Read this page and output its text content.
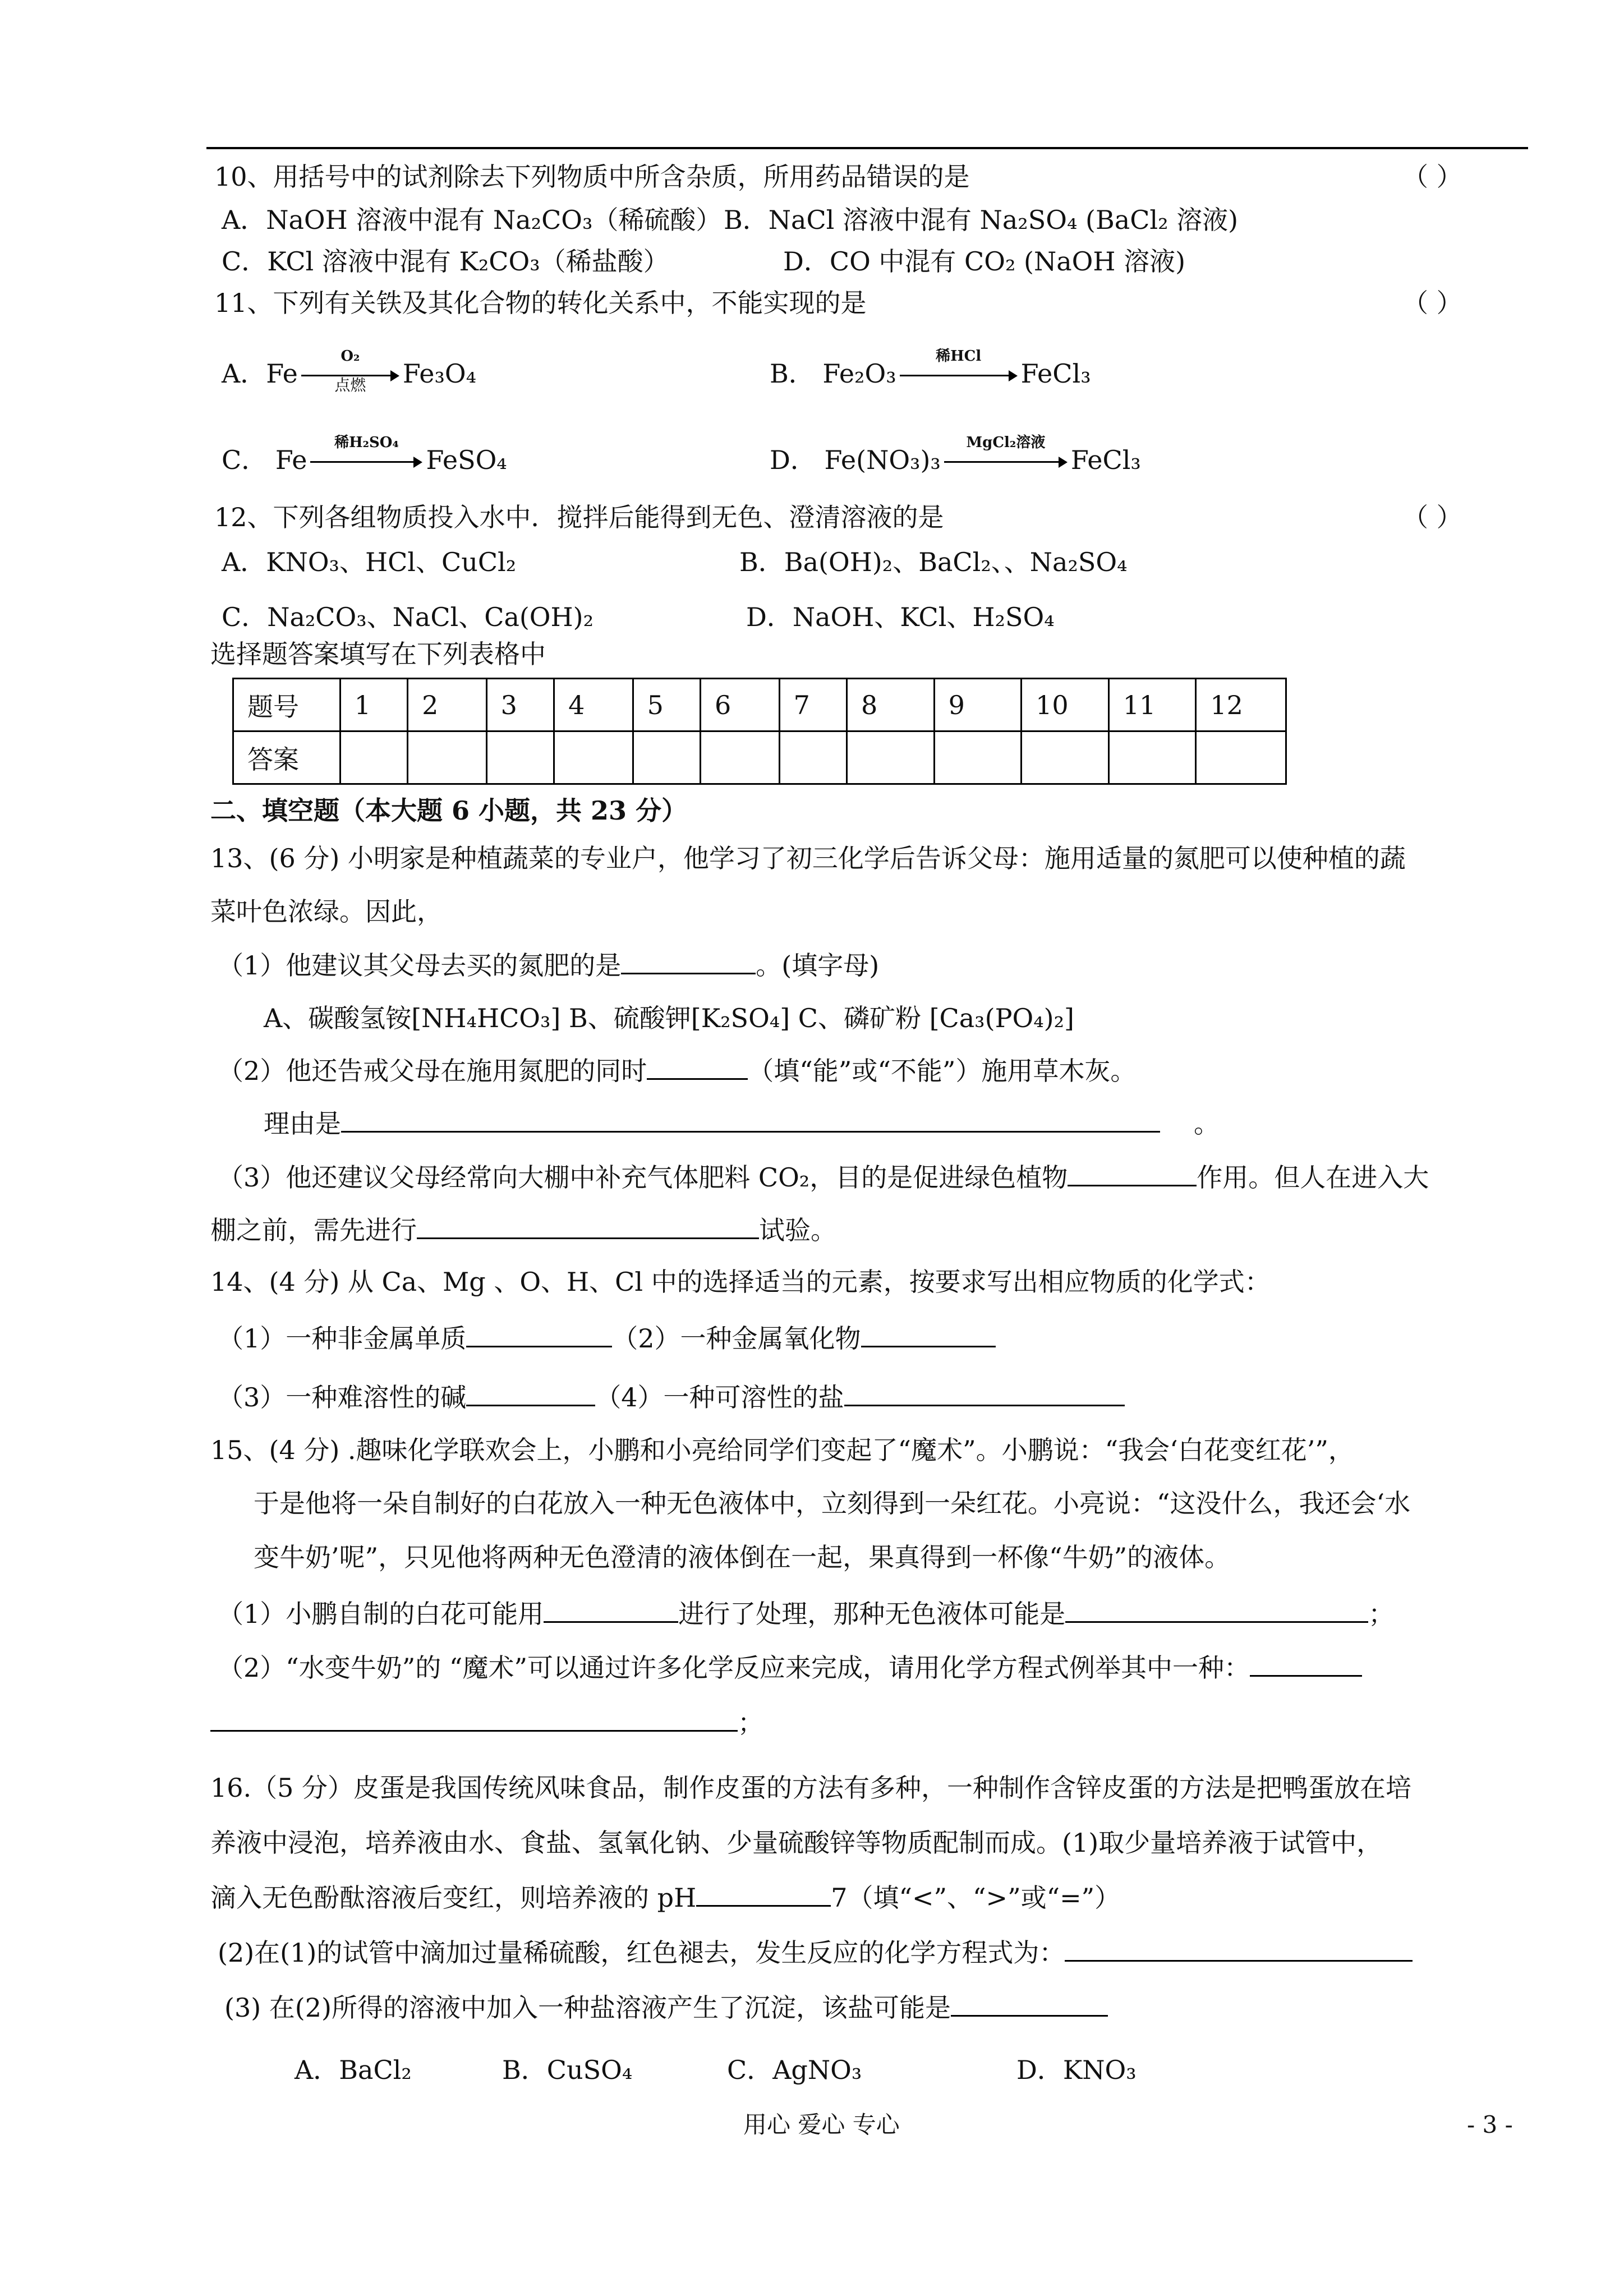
10、用括号中的试剂除去下列物质中所含杂质，所用药品错误的是	（ ）
A．NaOH 溶液中混有 Na₂CO₃（稀硫酸） B．NaCl 溶液中混有 Na₂SO₄ (BaCl₂ 溶液)
C．KCl 溶液中混有 K₂CO₃（稀盐酸）	D．CO 中混有 CO₂ (NaOH 溶液)
11、下列有关铁及其化合物的转化关系中，不能实现的是	（ ）
A．Fe
O₂
点燃	Fe₃O₄	B． Fe₂O₃
稀HCl
FeCl₃
C． Fe
稀H₂SO₄
FeSO₄	D． Fe(NO₃)₃
MgCl₂溶液
FeCl₃
12、下列各组物质投入水中．搅拌后能得到无色、澄清溶液的是	（ ）
A．KNO₃、HCl、CuCl₂	B．Ba(OH)₂、BaCl₂、、Na₂SO₄
C．Na₂CO₃、NaCl、Ca(OH)₂	D．NaOH、KCl、H₂SO₄
选择题答案填写在下列表格中
题号	1	2	3	4	5	6	7	8	9	10	11	12
答案												
二、填空题（本大题 6 小题，共 23 分）
13、(6 分) 小明家是种植蔬菜的专业户，他学习了初三化学后告诉父母：施用适量的氮肥可以使种植的蔬
菜叶色浓绿。因此，
（1）他建议其父母去买的氮肥的是	。(填字母)
A、碳酸氢铵[NH₄HCO₃] B、硫酸钾[K₂SO₄] C、磷矿粉 [Ca₃(PO₄)₂]
（2）他还告戒父母在施用氮肥的同时	（填“能”或“不能”）施用草木灰。
理由是	。
（3）他还建议父母经常向大棚中补充气体肥料 CO₂，目的是促进绿色植物	作用。但人在进入大
棚之前，需先进行	试验。
14、(4 分) 从 Ca、Mg 、O、H、Cl 中的选择适当的元素，按要求写出相应物质的化学式：
（1）一种非金属单质	（2）一种金属氧化物
（3）一种难溶性的碱	（4）一种可溶性的盐
15、(4 分) .趣味化学联欢会上，小鹏和小亮给同学们变起了“魔术”。小鹏说：“我会‘白花变红花’”，
于是他将一朵自制好的白花放入一种无色液体中，立刻得到一朵红花。小亮说：“这没什么，我还会‘水
变牛奶’呢”，只见他将两种无色澄清的液体倒在一起，果真得到一杯像“牛奶”的液体。
（1）小鹏自制的白花可能用	进行了处理，那种无色液体可能是	；
（2）“水变牛奶”的 “魔术”可以通过许多化学反应来完成，请用化学方程式例举其中一种：
；
16.（5 分）皮蛋是我国传统风味食品，制作皮蛋的方法有多种，一种制作含锌皮蛋的方法是把鸭蛋放在培
养液中浸泡，培养液由水、食盐、氢氧化钠、少量硫酸锌等物质配制而成。(1)取少量培养液于试管中，
滴入无色酚酞溶液后变红，则培养液的 pH	7（填“<”、“>”或“=”）
(2)在(1)的试管中滴加过量稀硫酸，红色褪去，发生反应的化学方程式为：
(3) 在(2)所得的溶液中加入一种盐溶液产生了沉淀，该盐可能是
A．BaCl₂	B．CuSO₄	C．AgNO₃	D．KNO₃
用心 爱心 专心	- 3 -
